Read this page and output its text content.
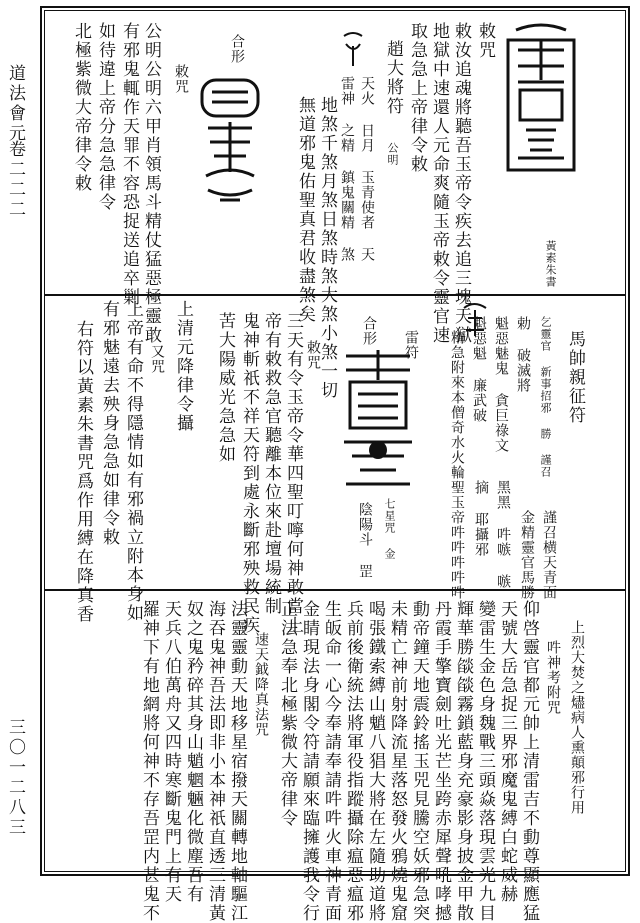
道法會元
卷二二二
三〇一二八三
黃素朱書
敕咒
敕汝追魂將聽吾玉帝令疾去追三塊天獄
地獄中速還人元命爽隨玉帝敕令靈官速
取急急上帝律令敕
趙大將符
公明
天火 日月 玉青使者 天
雷神 之精 鎮鬼關精 煞
地煞千煞月煞日煞時煞大煞小煞一切
無道邪鬼佑聖真君收盡煞矣
合形
敕咒
公明公明六甲肖領馬斗精仗猛惡極靈敢
有邪鬼輒作天罪不容恐捉送追卒剿
如待違上帝分急急律令
北極紫微大帝律令敕
馬帥親征符
謹召横天青面
金精靈官馬勝
黑黑 吽嗾 嗾
摘 耶攝邪
乞靈官 新事招邪 勝 謹召
勅 破滅將
魁惡魅鬼 貪巨祿文
魁惡魁 廉武破
精急附來本僧奇水火輪聖玉帝吽吽吽吽吽
七星咒 金
陰陽斗 罡
雷符
合形
敕咒
三天有令玉帝令華四聖叮嚀何神敢當上
帝有敕救急官聽離本位來赴壇場統制
鬼神斬祇不祥天符到處永斷邪殃救民疾
苦大陽威光急急如
上清元降律令攝
又咒
上帝有命不得隱情如有邪禍立附本身如
有邪魅遠去殃身急急如律令敕
右符以黃素朱書咒爲作用縛在降真香
上烈大焚之燼病人熏顛邪行用
吽神考附咒
仰啓靈官都元帥上清雷吉不動尊顯應猛
天號大岳急捉三界邪魔鬼縛白蛇威赫
變雷生金色身魏戰三頭焱落現雲光九目
輝華勝燄燄霧鎖藍身充豪影身披金甲散
丹霞手擎寶劍吐光芒坐跨赤犀聲吼哮撼
動帝鐘天地震鈴搖玉兕見騰空妖邪急突
未精亡神前射降流星落怒發火鴉燒鬼窟
喝張鐵索縛山魈八猖大將在左隨助道將
兵前後衛統法將軍役指蹤攝除瘟惡瘟邪
生皈命一心今奉請奉請吽吽火車神青面
金睛現法身閣令符請願來臨擁護我令行
正法急奉北極紫微大帝律令
速天鉞降真法咒
法靈靈動天地移星宿撥天關轉地軸驅江
海吞鬼神吾法即非小本神祇直透三清黃
奴之鬼矜碎其身山魈魍魎化微塵吾有
天兵八伯萬舟又四時寒斷鬼門上有天
羅神下有地網將何神不存吾罡内甚鬼不
